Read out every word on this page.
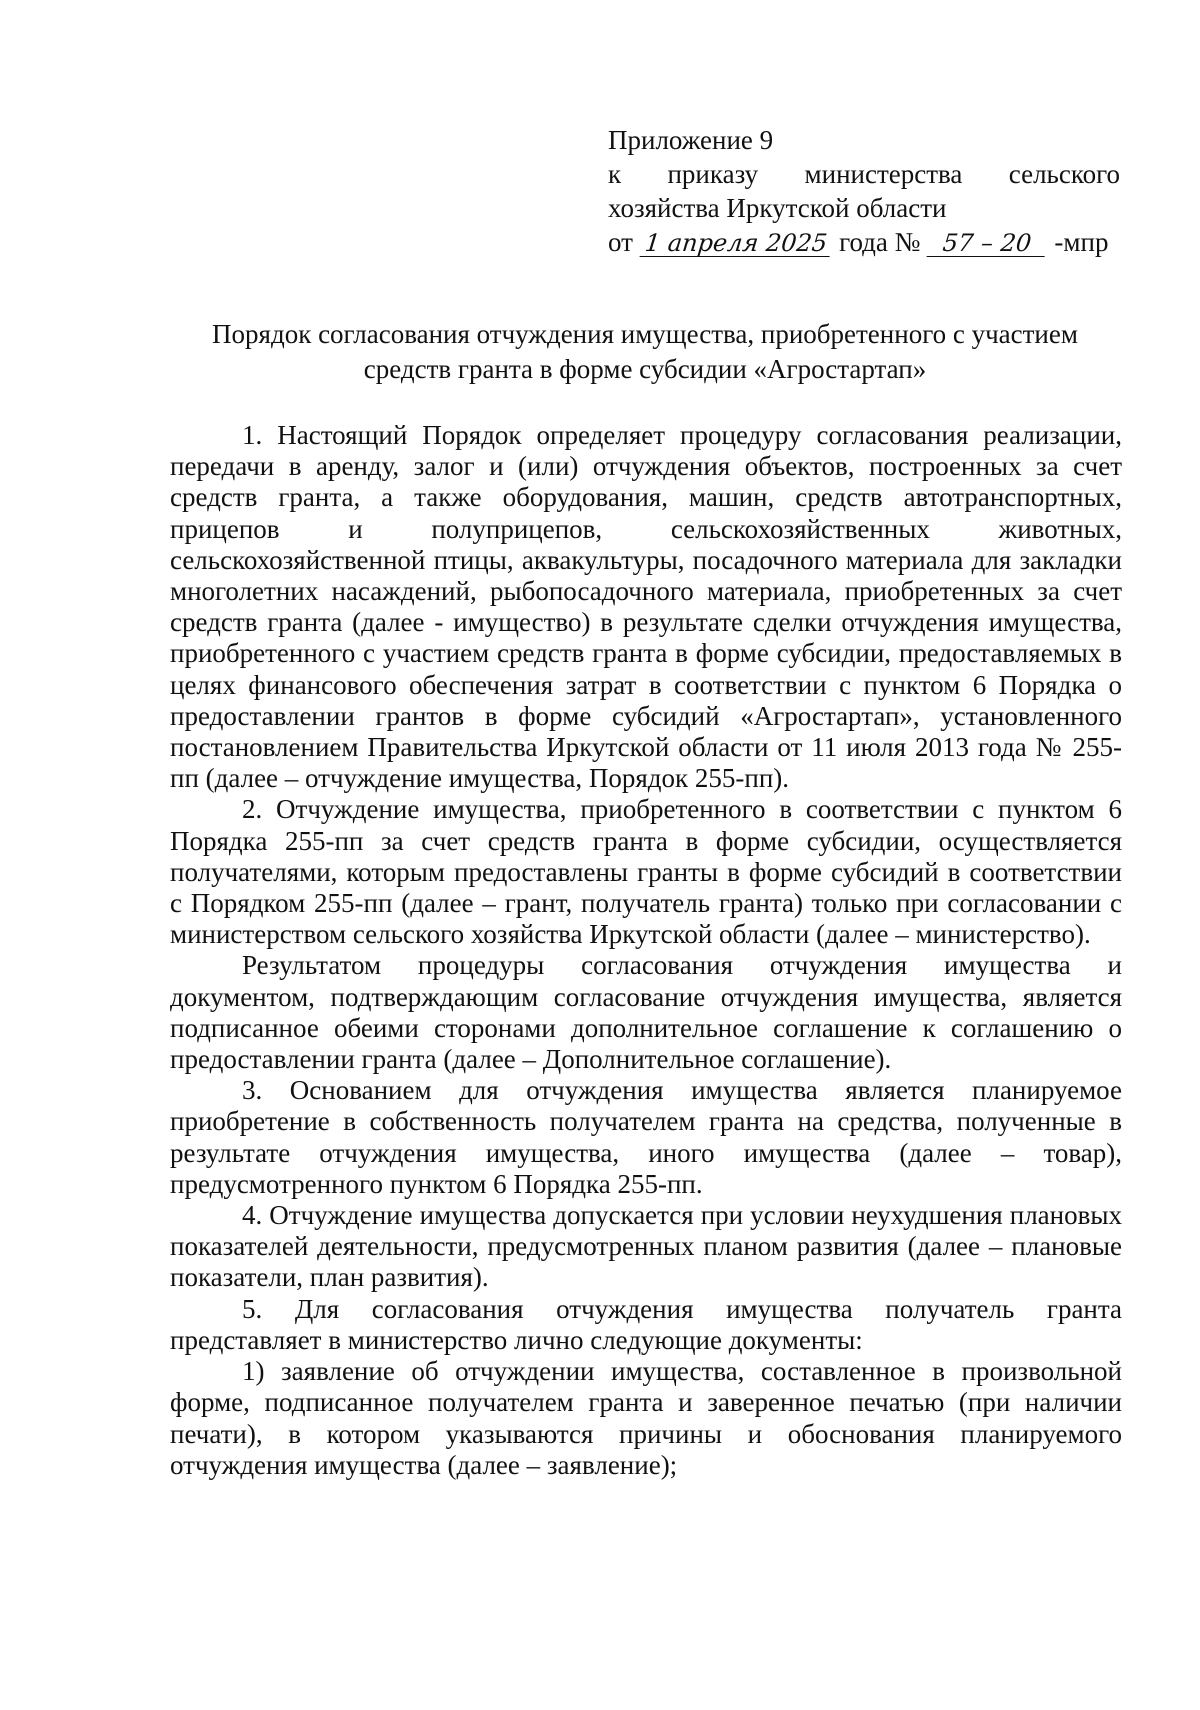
Приложение 9
к приказу министерства сельского
хозяйства Иркутской области
от 1 апреля 2025 года № 57 – 20 -мпр
Порядок согласования отчуждения имущества, приобретенного с участием
средств гранта в форме субсидии «Агростартап»

1. Настоящий Порядок определяет процедуру согласования реализации, передачи в аренду, залог и (или) отчуждения объектов, построенных за счет средств гранта, а также оборудования, машин, средств автотранспортных, прицепов и полуприцепов, сельскохозяйственных животных, сельскохозяйственной птицы, аквакультуры, посадочного материала для закладки многолетних насаждений, рыбопосадочного материала, приобретенных за счет средств гранта (далее - имущество) в результате сделки отчуждения имущества, приобретенного с участием средств гранта в форме субсидии, предоставляемых в целях финансового обеспечения затрат в соответствии с пунктом 6 Порядка о предоставлении грантов в форме субсидий «Агростартап», установленного постановлением Правительства Иркутской области от 11 июля 2013 года № 255-пп (далее – отчуждение имущества, Порядок 255-пп).

2. Отчуждение имущества, приобретенного в соответствии с пунктом 6 Порядка 255-пп за счет средств гранта в форме субсидии, осуществляется получателями, которым предоставлены гранты в форме субсидий в соответствии с Порядком 255-пп (далее – грант, получатель гранта) только при согласовании с министерством сельского хозяйства Иркутской области (далее – министерство).

Результатом процедуры согласования отчуждения имущества и документом, подтверждающим согласование отчуждения имущества, является подписанное обеими сторонами дополнительное соглашение к соглашению о предоставлении гранта (далее – Дополнительное соглашение).

3. Основанием для отчуждения имущества является планируемое приобретение в собственность получателем гранта на средства, полученные в результате отчуждения имущества, иного имущества (далее – товар), предусмотренного пунктом 6 Порядка 255-пп.

4. Отчуждение имущества допускается при условии неухудшения плановых показателей деятельности, предусмотренных планом развития (далее – плановые показатели, план развития).

5. Для согласования отчуждения имущества получатель гранта представляет в министерство лично следующие документы:

1) заявление об отчуждении имущества, составленное в произвольной форме, подписанное получателем гранта и заверенное печатью (при наличии печати), в котором указываются причины и обоснования планируемого отчуждения имущества (далее – заявление);
